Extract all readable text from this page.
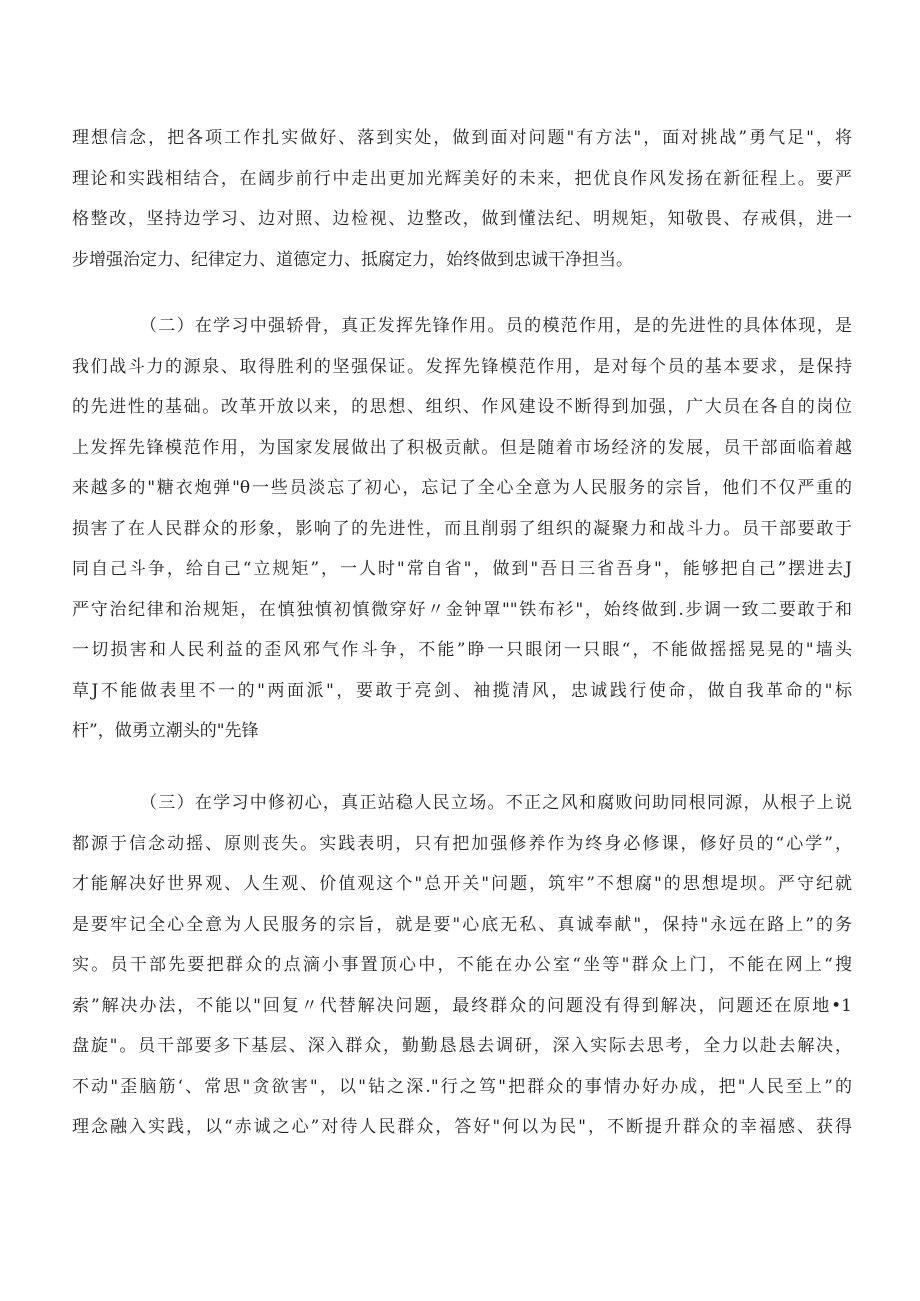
理想信念，把各项工作扎实做好、落到实处，做到面对问题"有方法"，面对挑战”勇气足"，将
理论和实践相结合，在阔步前行中走出更加光辉美好的未来，把优良作风发扬在新征程上。要严
格整改，坚持边学习、边对照、边检视、边整改，做到懂法纪、明规矩，知敬畏、存戒俱，进一
步增强治定力、纪律定力、道德定力、抵腐定力，始终做到忠诚干净担当。
（二）在学习中强轿骨，真正发挥先锋作用。员的模范作用，是的先进性的具体体现，是
我们战斗力的源泉、取得胜利的坚强保证。发挥先锋模范作用，是对每个员的基本要求，是保持
的先进性的基础。改革开放以来，的思想、组织、作风建设不断得到加强，广大员在各自的岗位
上发挥先锋模范作用，为国家发展做出了积极贡献。但是随着市场经济的发展，员干部面临着越
来越多的"糖衣炮弹"θ一些员淡忘了初心，忘记了全心全意为人民服务的宗旨，他们不仅严重的
损害了在人民群众的形象，影响了的先进性，而且削弱了组织的凝聚力和战斗力。员干部要敢于
同自己斗争，给自己“立规矩”，一人时"常自省"，做到"吾日三省吾身"，能够把自己”摆进去J
严守治纪律和治规矩，在慎独慎初慎微穿好〃金钟罩""铁布衫"，始终做到.步调一致二要敢于和
一切损害和人民利益的歪风邪气作斗争，不能”睁一只眼闭一只眼“，不能做摇摇晃晃的"墙头
草J不能做表里不一的"两面派"，要敢于亮剑、袖揽清风，忠诚践行使命，做自我革命的"标
杆”，做勇立潮头的"先锋
（三）在学习中修初心，真正站稳人民立场。不正之风和腐败问助同根同源，从根子上说
都源于信念动摇、原则丧失。实践表明，只有把加强修养作为终身必修课，修好员的“心学”，
才能解决好世界观、人生观、价值观这个"总开关"问题，筑牢”不想腐"的思想堤坝。严守纪就
是要牢记全心全意为人民服务的宗旨，就是要"心底无私、真诚奉献"，保持"永远在路上”的务
实。员干部先要把群众的点滴小事置顶心中，不能在办公室“坐等"群众上门，不能在网上“搜
索”解决办法，不能以"回复〃代替解决问题，最终群众的问题没有得到解决，问题还在原地•1
盘旋"。员干部要多下基层、深入群众，勤勤恳恳去调研，深入实际去思考，全力以赴去解决，
不动"歪脑筋‘、常思"贪欲害"，以"钻之深."行之笃"把群众的事情办好办成，把"人民至上”的
理念融入实践，以“赤诚之心”对待人民群众，答好"何以为民"，不断提升群众的幸福感、获得
